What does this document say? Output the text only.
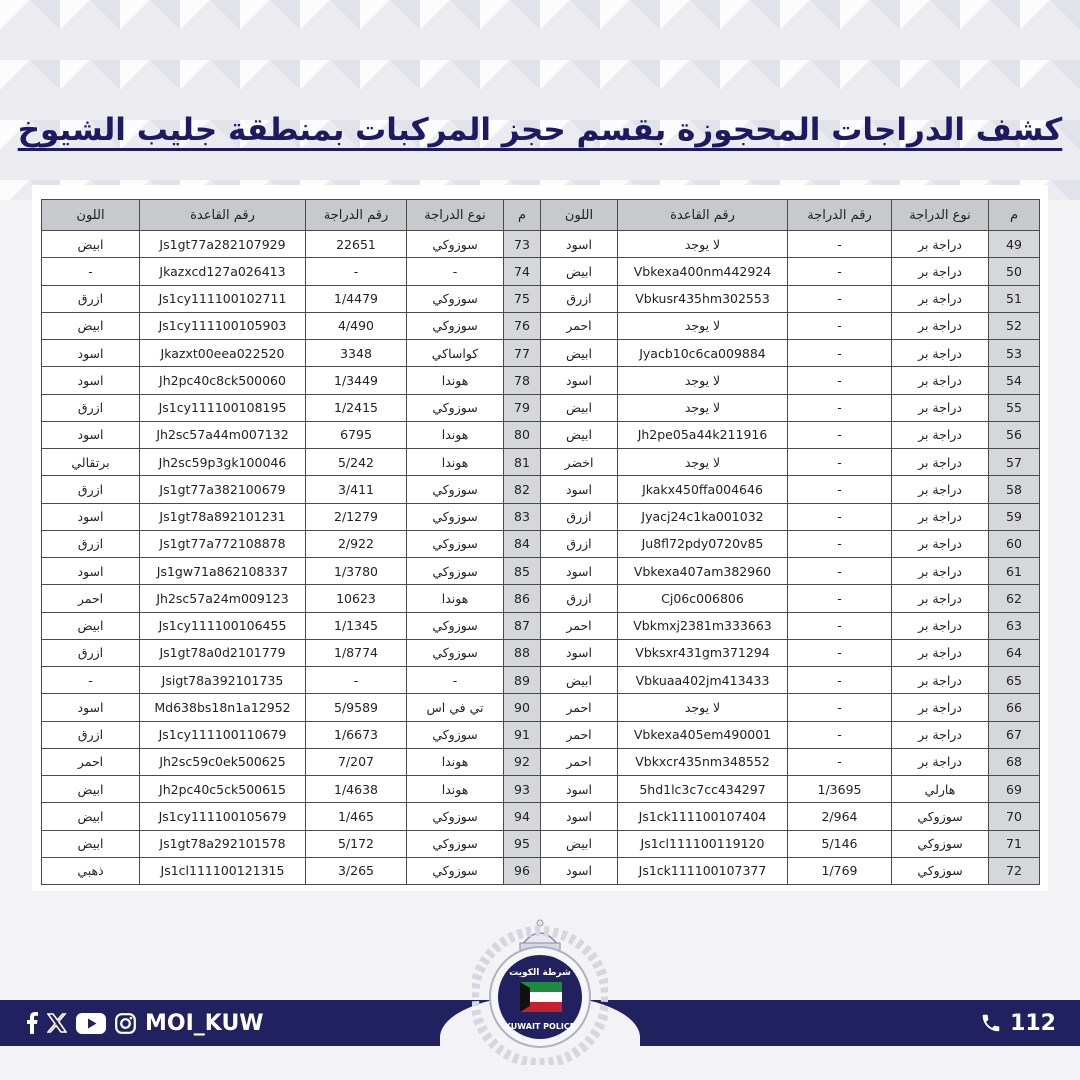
كشف الدراجات المحجوزة بقسم حجز المركبات بمنطقة جليب الشيوخ
م	نوع الدراجة	رقم الدراجة	رقم القاعدة	اللون	م	نوع الدراجة	رقم الدراجة	رقم القاعدة	اللون
49	دراجة بر	-	لا يوجد	اسود	73	سوزوكي	22651	Js1gt77a282107929	ابيض
50	دراجة بر	-	Vbkexa400nm442924	ابيض	74	-	-	Jkazxcd127a026413	-
51	دراجة بر	-	Vbkusr435hm302553	ازرق	75	سوزوكي	1/4479	Js1cy111100102711	ازرق
52	دراجة بر	-	لا يوجد	احمر	76	سوزوكي	4/490	Js1cy111100105903	ابيض
53	دراجة بر	-	Jyacb10c6ca009884	ابيض	77	كواساكي	3348	Jkazxt00eea022520	اسود
54	دراجة بر	-	لا يوجد	اسود	78	هوندا	1/3449	Jh2pc40c8ck500060	اسود
55	دراجة بر	-	لا يوجد	ابيض	79	سوزوكي	1/2415	Js1cy111100108195	ازرق
56	دراجة بر	-	Jh2pe05a44k211916	ابيض	80	هوندا	6795	Jh2sc57a44m007132	اسود
57	دراجة بر	-	لا يوجد	اخضر	81	هوندا	5/242	Jh2sc59p3gk100046	برتقالي
58	دراجة بر	-	Jkakx450ffa004646	اسود	82	سوزوكي	3/411	Js1gt77a382100679	ازرق
59	دراجة بر	-	Jyacj24c1ka001032	ازرق	83	سوزوكي	2/1279	Js1gt78a892101231	اسود
60	دراجة بر	-	Ju8fl72pdy0720v85	ازرق	84	سوزوكي	2/922	Js1gt77a772108878	ازرق
61	دراجة بر	-	Vbkexa407am382960	اسود	85	سوزوكي	1/3780	Js1gw71a862108337	اسود
62	دراجة بر	-	Cj06c006806	ازرق	86	هوندا	10623	Jh2sc57a24m009123	احمر
63	دراجة بر	-	Vbkmxj2381m333663	احمر	87	سوزوكي	1/1345	Js1cy111100106455	ابيض
64	دراجة بر	-	Vbksxr431gm371294	اسود	88	سوزوكي	1/8774	Js1gt78a0d2101779	ازرق
65	دراجة بر	-	Vbkuaa402jm413433	ابيض	89	-	-	Jsigt78a392101735	-
66	دراجة بر	-	لا يوجد	احمر	90	تي في اس	5/9589	Md638bs18n1a12952	اسود
67	دراجة بر	-	Vbkexa405em490001	احمر	91	سوزوكي	1/6673	Js1cy111100110679	ازرق
68	دراجة بر	-	Vbkxcr435nm348552	احمر	92	هوندا	7/207	Jh2sc59c0ek500625	احمر
69	هارلي	1/3695	5hd1lc3c7cc434297	اسود	93	هوندا	1/4638	Jh2pc40c5ck500615	ابيض
70	سوزوكي	2/964	Js1ck111100107404	اسود	94	سوزوكي	1/465	Js1cy111100105679	ابيض
71	سوزوكي	5/146	Js1cl111100119120	ابيض	95	سوزوكي	5/172	Js1gt78a292101578	ابيض
72	سوزوكي	1/769	Js1ck111100107377	اسود	96	سوزوكي	3/265	Js1cl111100121315	ذهبي
MOI_KUW	112
شرطة الكويت
KUWAIT POLICE
